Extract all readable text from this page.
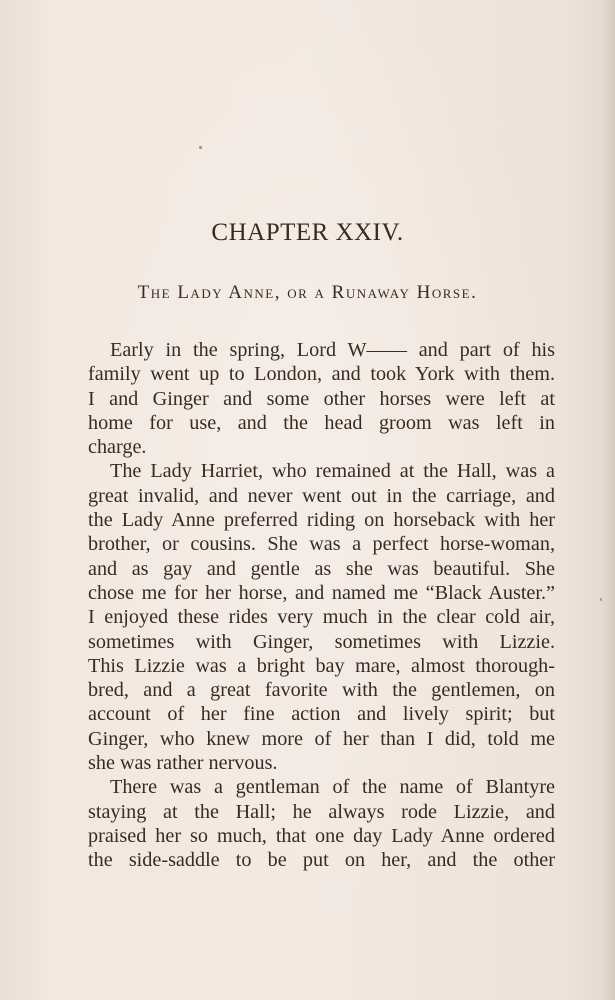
CHAPTER XXIV.
The Lady Anne, or a Runaway Horse.
Early in the spring, Lord W—— and part of his
family went up to London, and took York with them.
I and Ginger and some other horses were left at
home for use, and the head groom was left in
charge.
The Lady Harriet, who remained at the Hall, was a
great invalid, and never went out in the carriage, and
the Lady Anne preferred riding on horseback with her
brother, or cousins. She was a perfect horse-woman,
and as gay and gentle as she was beautiful. She
chose me for her horse, and named me “Black Auster.”
I enjoyed these rides very much in the clear cold air,
sometimes with Ginger, sometimes with Lizzie.
This Lizzie was a bright bay mare, almost thorough-
bred, and a great favorite with the gentlemen, on
account of her fine action and lively spirit; but
Ginger, who knew more of her than I did, told me
she was rather nervous.
There was a gentleman of the name of Blantyre
staying at the Hall; he always rode Lizzie, and
praised her so much, that one day Lady Anne ordered
the side-saddle to be put on her, and the other
